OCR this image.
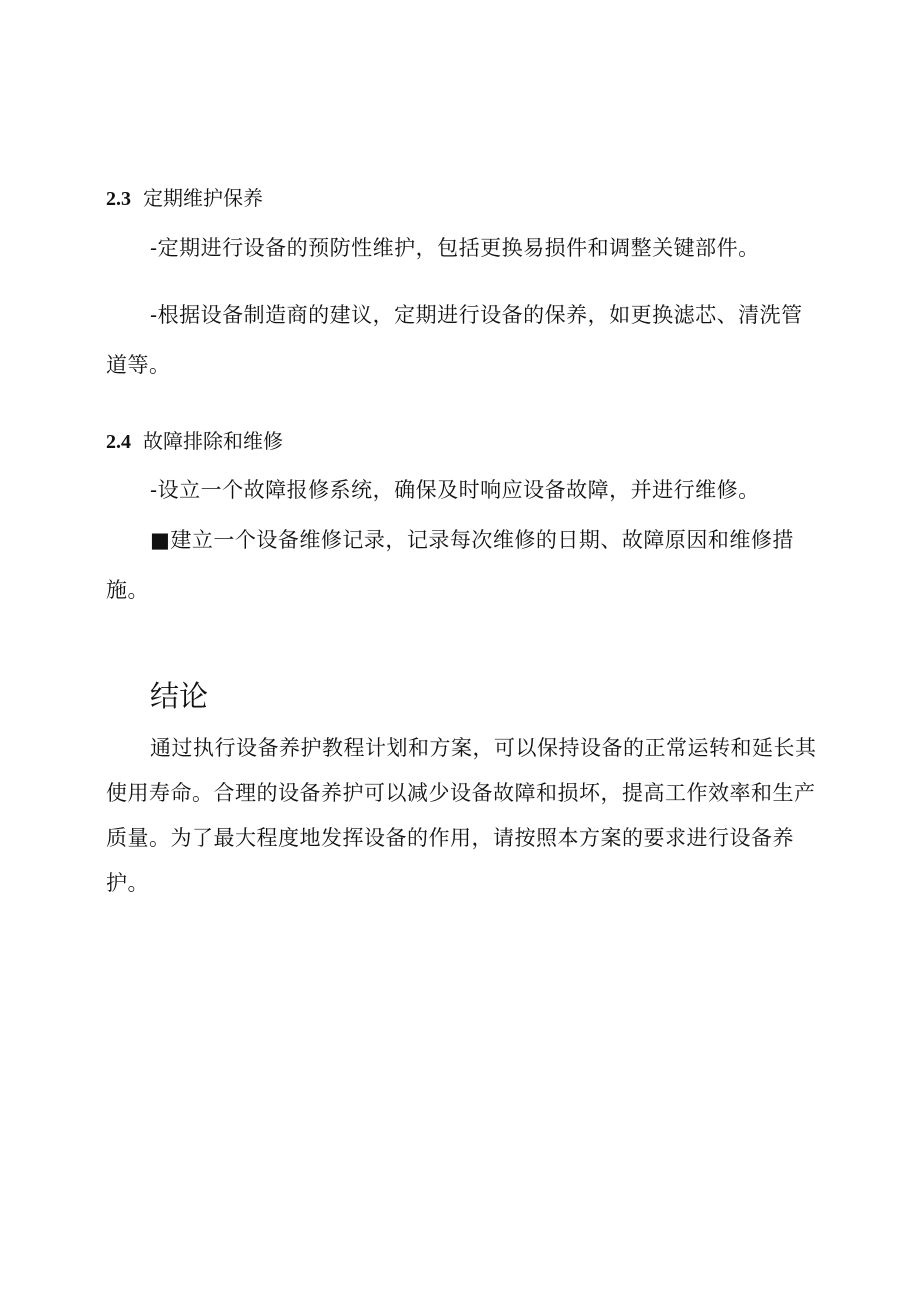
2.3 定期维护保养

-定期进行设备的预防性维护，包括更换易损件和调整关键部件。

-根据设备制造商的建议，定期进行设备的保养，如更换滤芯、清洗管道等。

2.4 故障排除和维修

-设立一个故障报修系统，确保及时响应设备故障，并进行维修。

■建立一个设备维修记录，记录每次维修的日期、故障原因和维修措施。

结论

通过执行设备养护教程计划和方案，可以保持设备的正常运转和延长其使用寿命。合理的设备养护可以减少设备故障和损坏，提高工作效率和生产质量。为了最大程度地发挥设备的作用，请按照本方案的要求进行设备养护。
